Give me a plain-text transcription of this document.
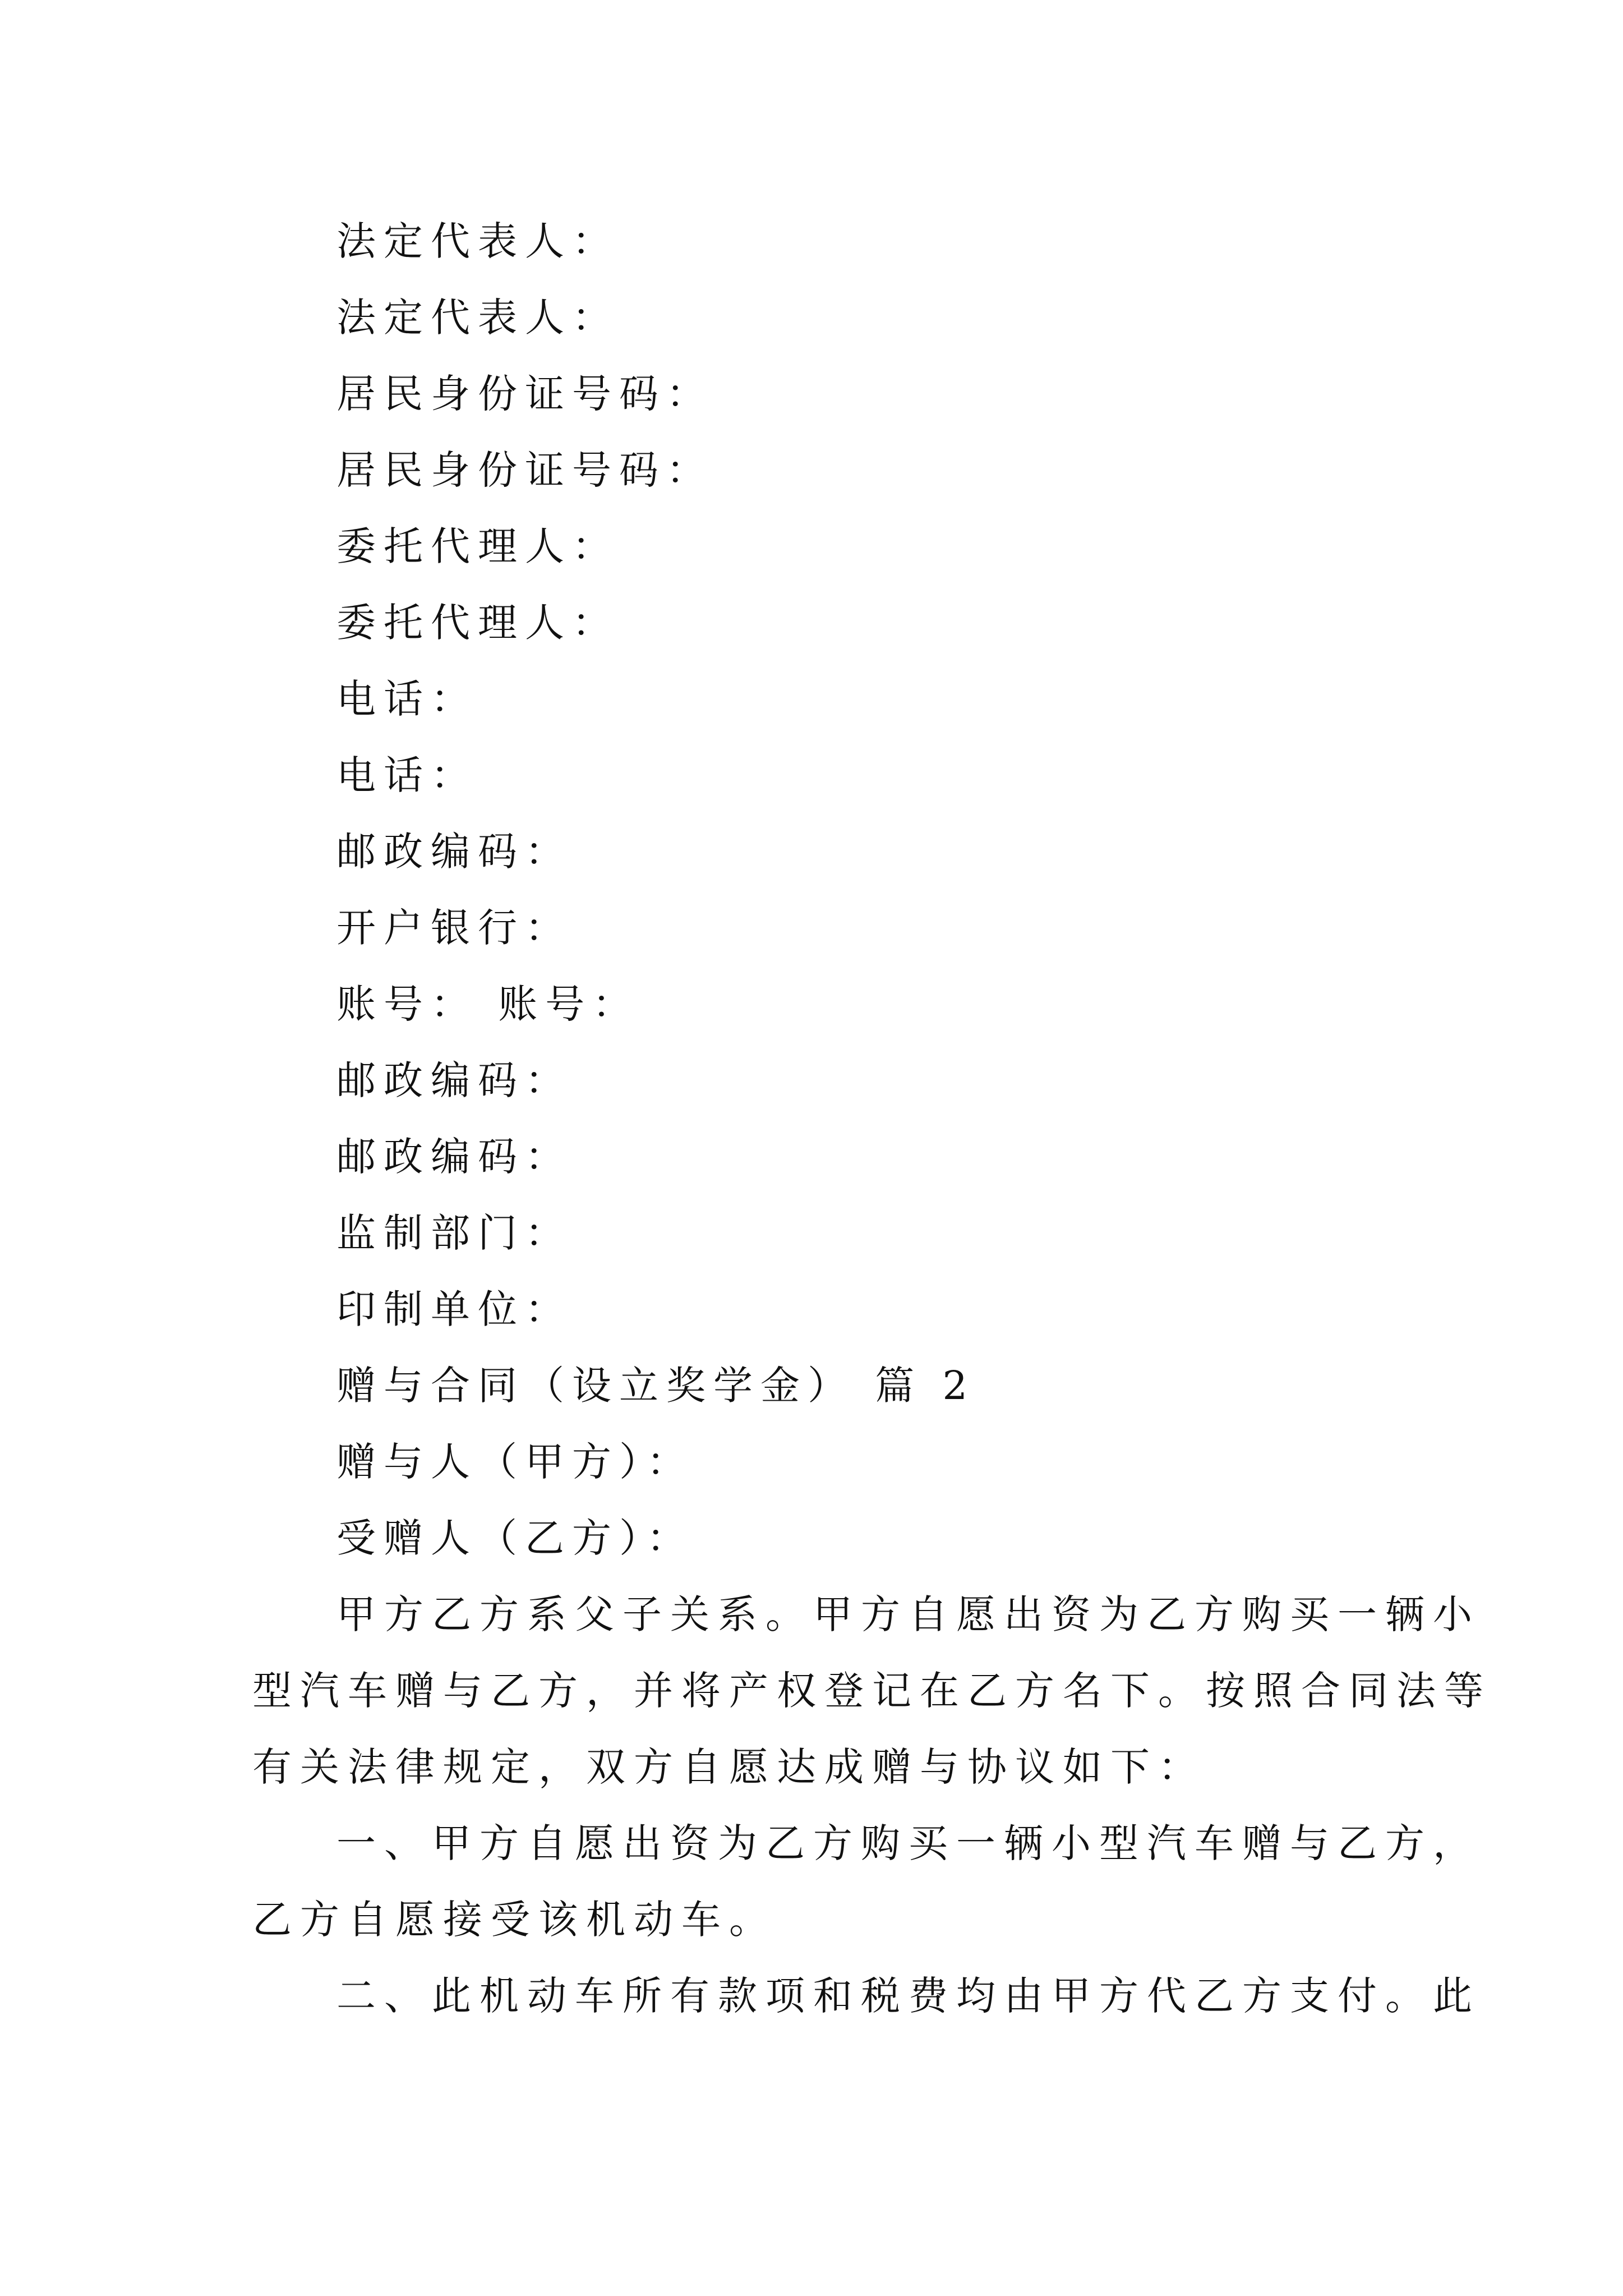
法定代表人：
法定代表人：
居民身份证号码：
居民身份证号码：
委托代理人：
委托代理人：
电话：
电话：
邮政编码：
开户银行：
账号： 账号：
邮政编码：
邮政编码：
监制部门：
印制单位：
赠与合同（设立奖学金） 篇 2
赠与人（甲方）：
受赠人（乙方）：
甲方乙方系父子关系。甲方自愿出资为乙方购买一辆小
型汽车赠与乙方，并将产权登记在乙方名下。按照合同法等
有关法律规定，双方自愿达成赠与协议如下：
一、甲方自愿出资为乙方购买一辆小型汽车赠与乙方，
乙方自愿接受该机动车。
二、此机动车所有款项和税费均由甲方代乙方支付。此
